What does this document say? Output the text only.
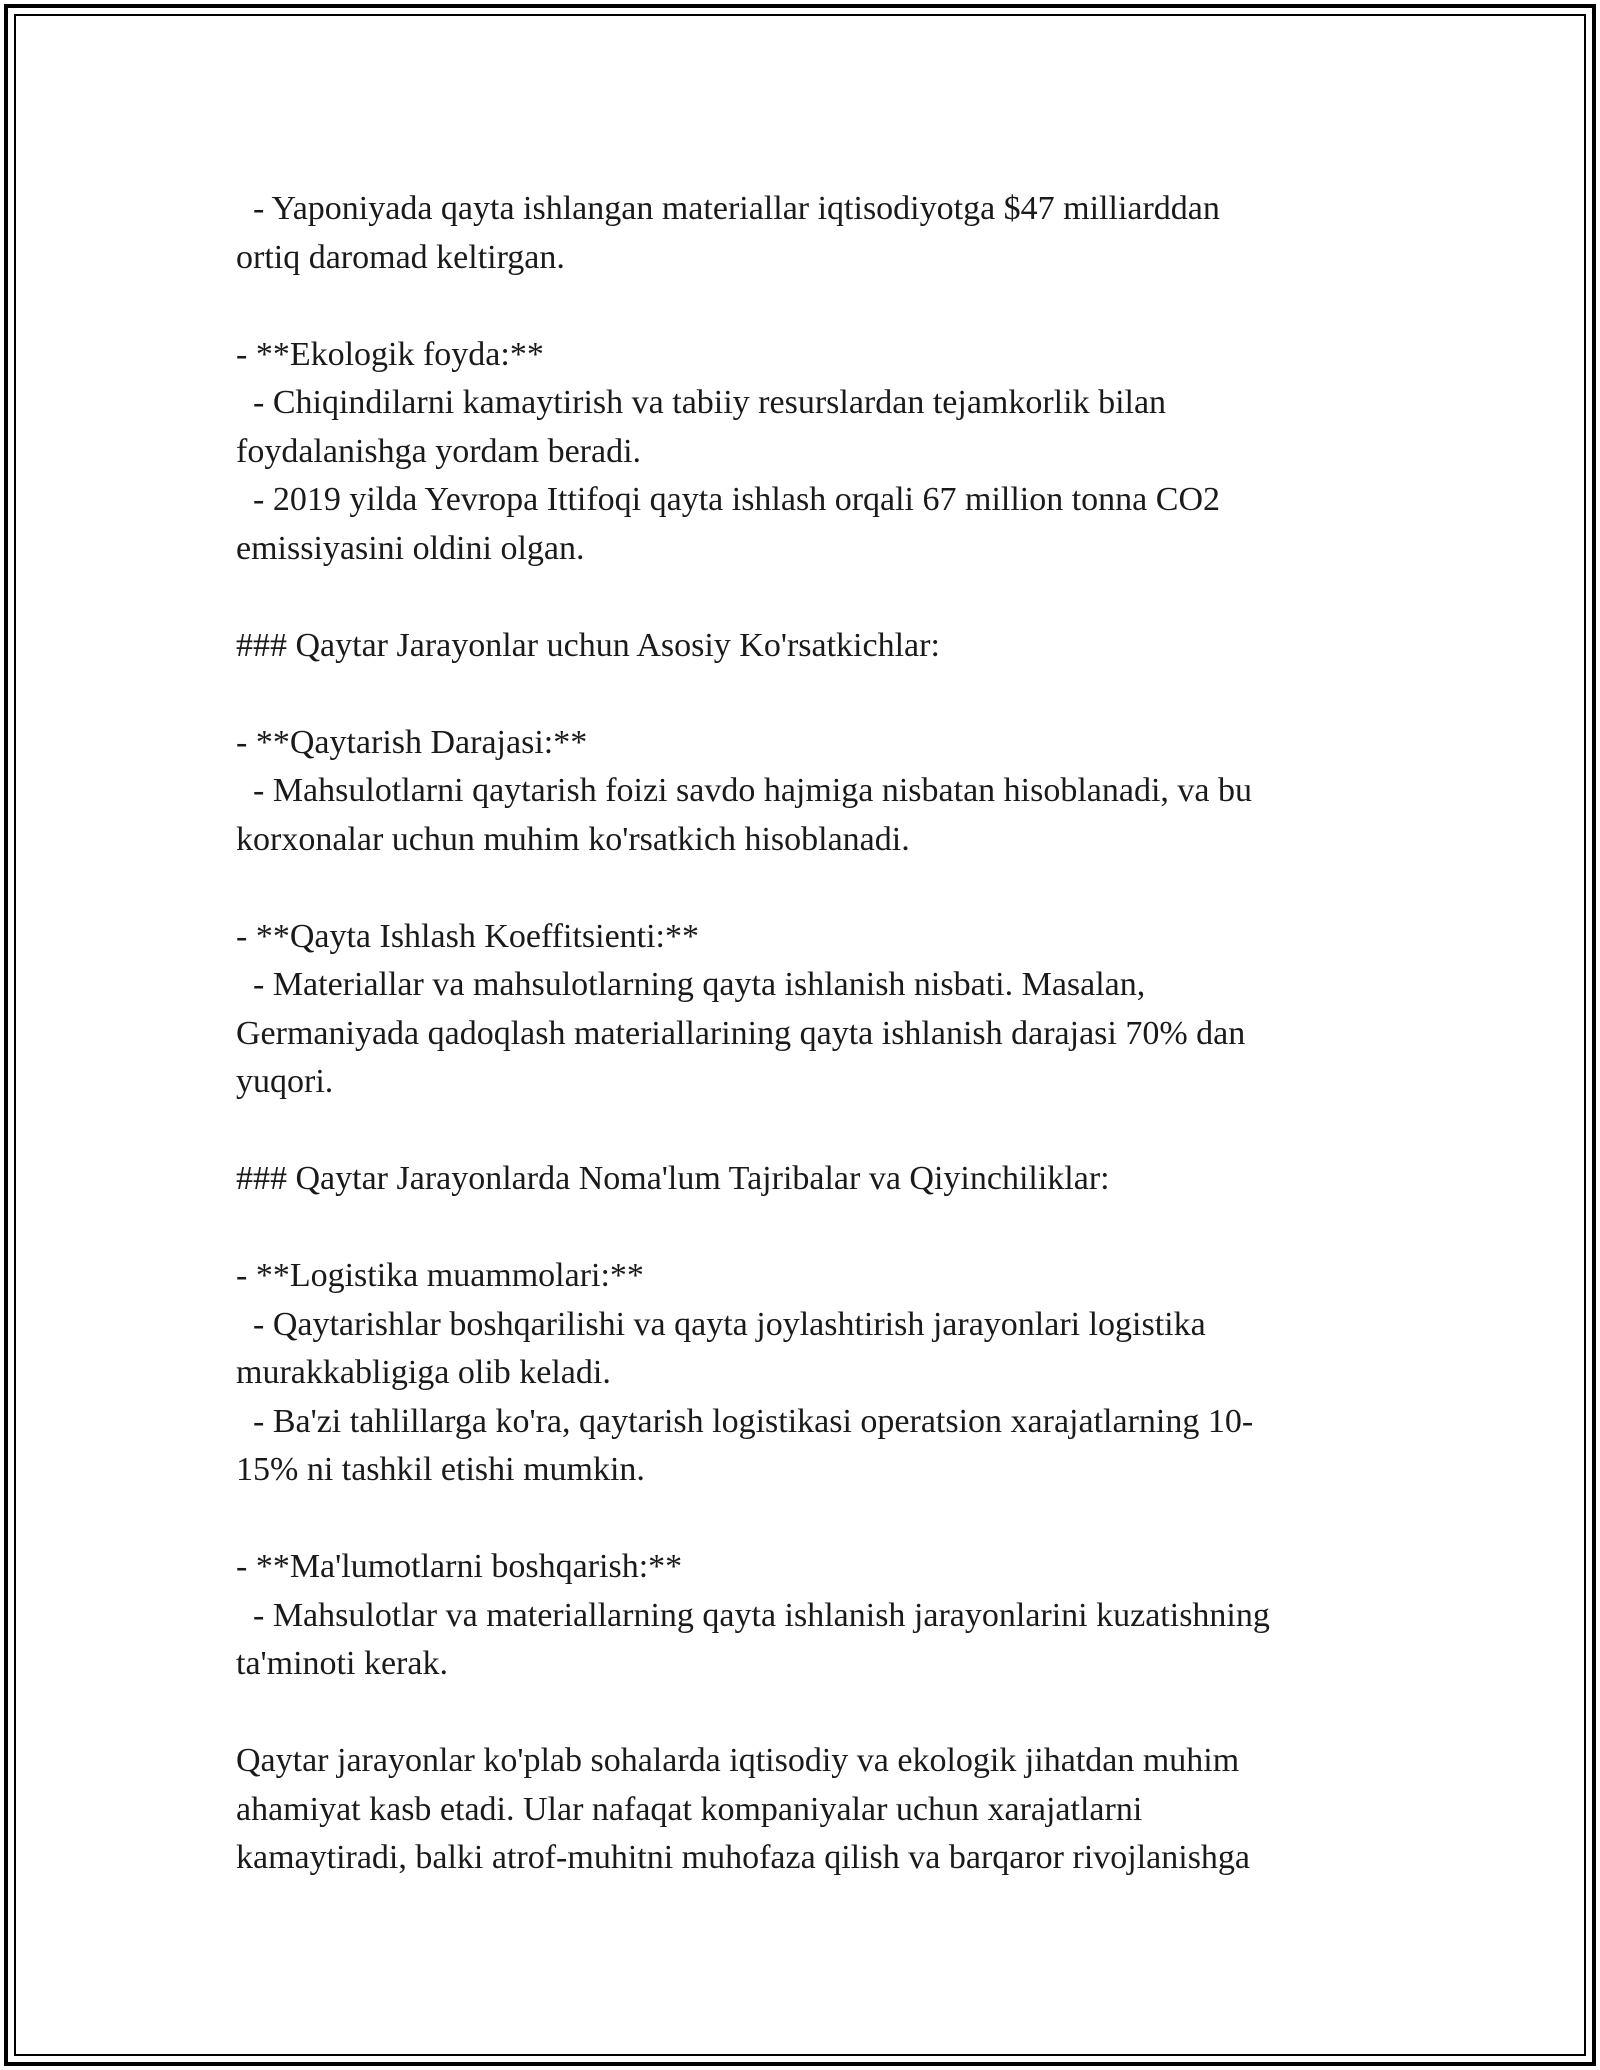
- Yaponiyada qayta ishlangan materiallar iqtisodiyotga $47 milliarddan
ortiq daromad keltirgan.
- **Ekologik foyda:**
- Chiqindilarni kamaytirish va tabiiy resurslardan tejamkorlik bilan
foydalanishga yordam beradi.
- 2019 yilda Yevropa Ittifoqi qayta ishlash orqali 67 million tonna CO2
emissiyasini oldini olgan.
### Qaytar Jarayonlar uchun Asosiy Ko'rsatkichlar:
- **Qaytarish Darajasi:**
- Mahsulotlarni qaytarish foizi savdo hajmiga nisbatan hisoblanadi, va bu
korxonalar uchun muhim ko'rsatkich hisoblanadi.
- **Qayta Ishlash Koeffitsienti:**
- Materiallar va mahsulotlarning qayta ishlanish nisbati. Masalan,
Germaniyada qadoqlash materiallarining qayta ishlanish darajasi 70% dan
yuqori.
### Qaytar Jarayonlarda Noma'lum Tajribalar va Qiyinchiliklar:
- **Logistika muammolari:**
- Qaytarishlar boshqarilishi va qayta joylashtirish jarayonlari logistika
murakkabligiga olib keladi.
- Ba'zi tahlillarga ko'ra, qaytarish logistikasi operatsion xarajatlarning 10-
15% ni tashkil etishi mumkin.
- **Ma'lumotlarni boshqarish:**
- Mahsulotlar va materiallarning qayta ishlanish jarayonlarini kuzatishning
ta'minoti kerak.
Qaytar jarayonlar ko'plab sohalarda iqtisodiy va ekologik jihatdan muhim
ahamiyat kasb etadi. Ular nafaqat kompaniyalar uchun xarajatlarni
kamaytiradi, balki atrof-muhitni muhofaza qilish va barqaror rivojlanishga
